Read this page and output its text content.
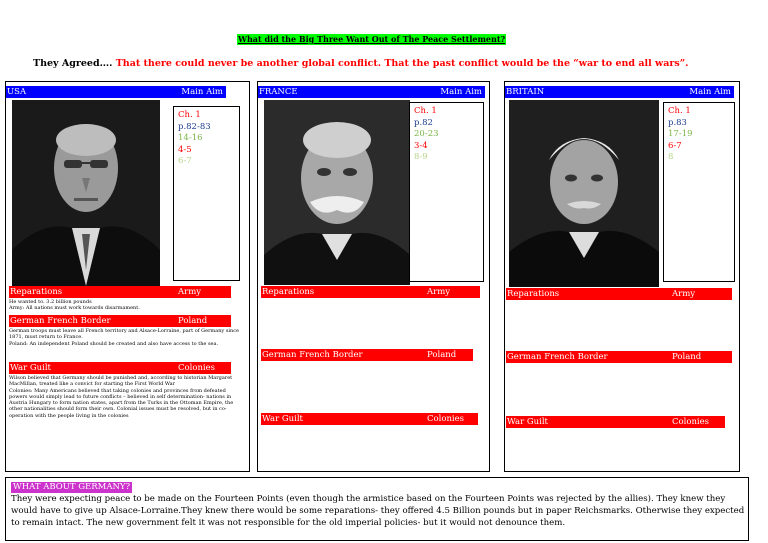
What did the Big Three Want Out of The Peace Settlement?
They Agreed…. That there could never be another global conflict. That the past conflict would be the “war to end all wars”.
USA	Main Aim
Ch. 1
p.82-83
14-16
4-5
6-7
Reparations	Army
He wanted to. 3.2 billion pounds
Army: All nations must work towards disarmament.
German French Border	Poland
German troops must leave all French territory and Alsace-Lorraine, part of Germany since 1871, must return to France.
Poland: An independent Poland should be created and also have access to the sea.
War Guilt	Colonies
Wilson believed that Germany should be punished and, according to historian Margaret MacMillan, treated like a convict for starting the First World War
Colonies: Many Americans believed that taking colonies and provinces from defeated powers would simply lead to future conflicts – believed in self determination- nations in Austria Hungary to form nation states, apart from the Turks in the Ottoman Empire, the other nationalities should form their own. Colonial issues must be resolved, but in co-operation with the people living in the colonies
FRANCE	Main Aim
Ch. 1
p.82
20-23
3-4
8-9
Reparations	Army
German French Border	Poland
War Guilt	Colonies
BRITAIN	Main Aim
Ch. 1
p.83
17-19
6-7
8
Reparations	Army
German French Border	Poland
War Guilt	Colonies
WHAT ABOUT GERMANY?
They were expecting peace to be made on the Fourteen Points (even though the armistice based on the Fourteen Points was rejected by the allies). They knew they would have to give up Alsace-Lorraine.They knew there would be some reparations- they offered 4.5 Billion pounds but in paper Reichsmarks. Otherwise they expected to remain intact. The new government felt it was not responsible for the old imperial policies- but it would not denounce them.
